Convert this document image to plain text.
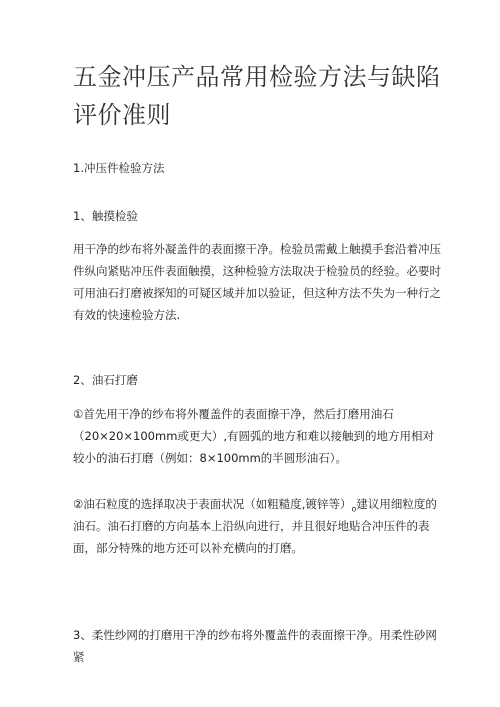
五金冲压产品常用检验方法与缺陷评价准则

1.冲压件检验方法

1、触摸检验

用干净的纱布将外凝盖件的表面擦干净。检验员需戴上触摸手套沿着冲压件纵向紧贴冲压件表面触摸，这种检验方法取决于检验员的经验。必要时可用油石打磨被探知的可疑区域并加以验证，但这种方法不失为一种行之有效的快速检验方法.

2、油石打磨

①首先用干净的纱布将外覆盖件的表面擦干净，然后打磨用油石（20×20×100mm或更大）,有圆弧的地方和难以接触到的地方用相对较小的油石打磨（例如：8×100mm的半圆形油石）。

②油石粒度的选择取决于表面状况（如粗糙度,镀锌等）$_o$建议用细粒度的油石。油石打磨的方向基本上沿纵向进行，并且很好地贴合冲压件的表面，部分特殊的地方还可以补充横向的打磨。

3、柔性纱网的打磨用干净的纱布将外覆盖件的表面擦干净。用柔性砂网紧
